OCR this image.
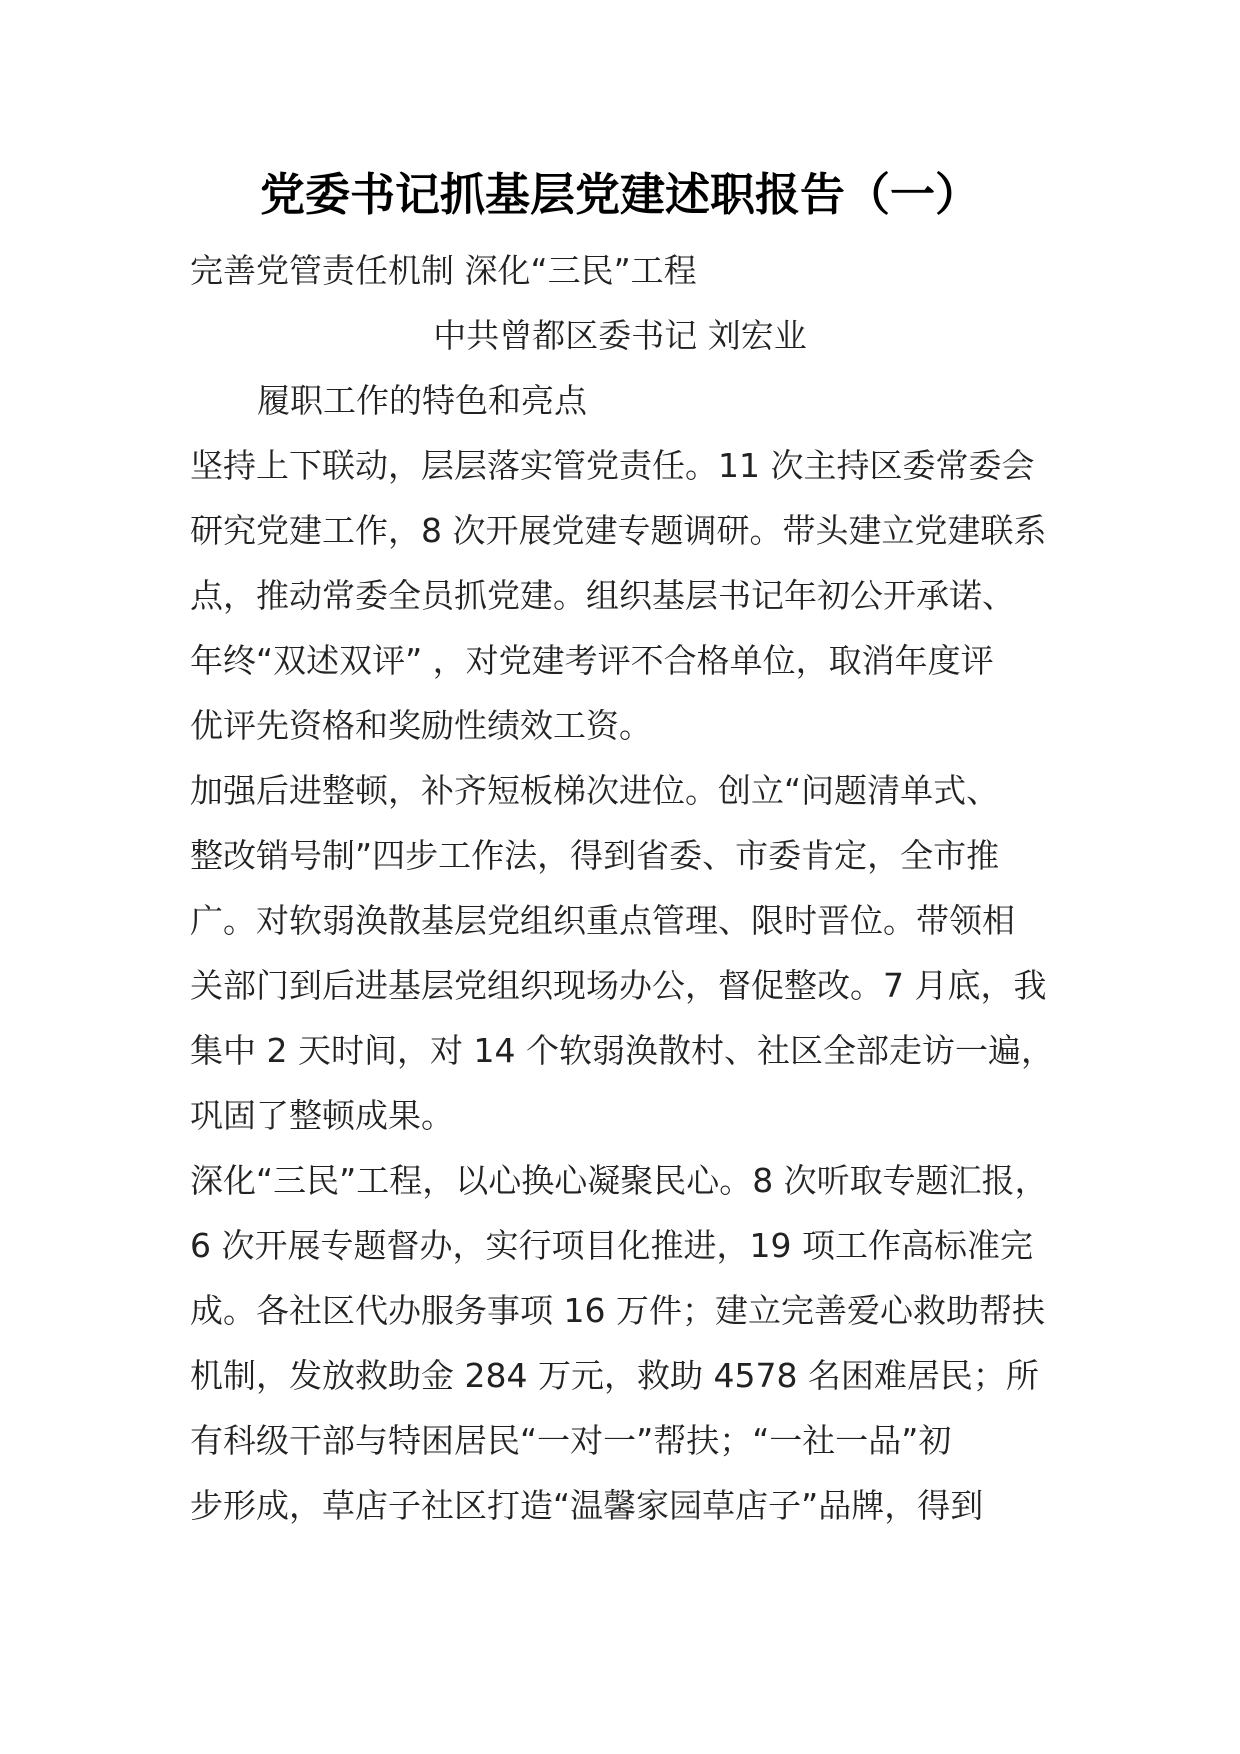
党委书记抓基层党建述职报告（一）
完善党管责任机制 深化“三民”工程
中共曾都区委书记 刘宏业
履职工作的特色和亮点
坚持上下联动，层层落实管党责任。11 次主持区委常委会
研究党建工作，8 次开展党建专题调研。带头建立党建联系
点，推动常委全员抓党建。组织基层书记年初公开承诺、
年终“双述双评” ，对党建考评不合格单位，取消年度评
优评先资格和奖励性绩效工资。
加强后进整顿，补齐短板梯次进位。创立“问题清单式、
整改销号制”四步工作法，得到省委、市委肯定，全市推
广。对软弱涣散基层党组织重点管理、限时晋位。带领相
关部门到后进基层党组织现场办公，督促整改。7 月底，我
集中 2 天时间，对 14 个软弱涣散村、社区全部走访一遍，
巩固了整顿成果。
深化“三民”工程，以心换心凝聚民心。8 次听取专题汇报，
6 次开展专题督办，实行项目化推进，19 项工作高标准完
成。各社区代办服务事项 16 万件；建立完善爱心救助帮扶
机制，发放救助金 284 万元，救助 4578 名困难居民；所
有科级干部与特困居民“一对一”帮扶；“一社一品”初
步形成，草店子社区打造“温馨家园草店子”品牌，得到
